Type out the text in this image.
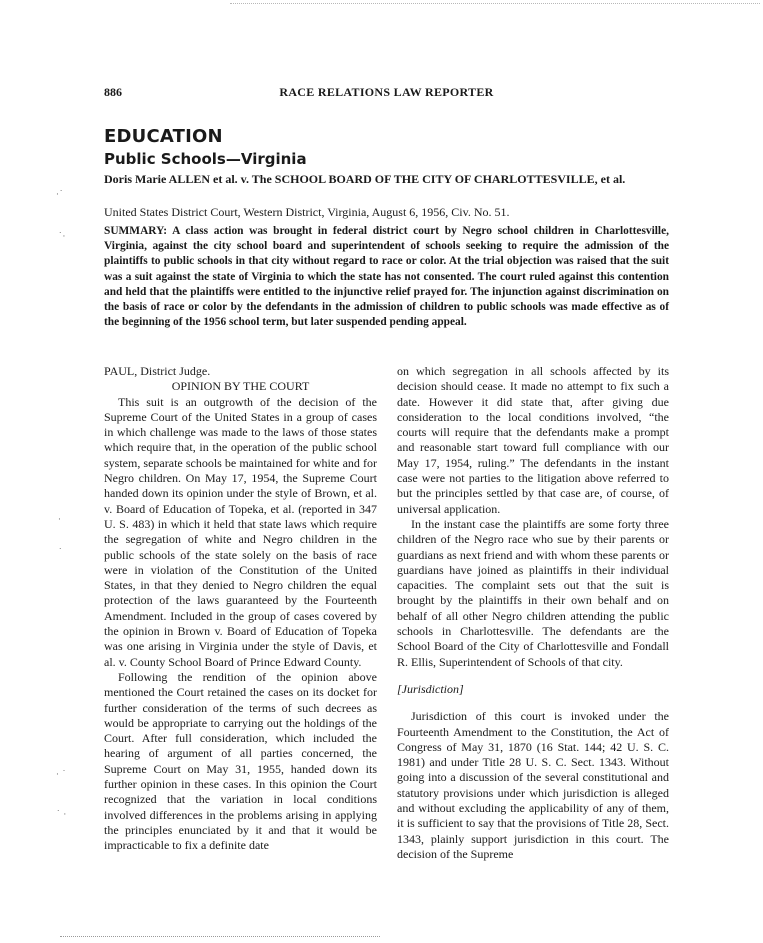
886	RACE RELATIONS LAW REPORTER
EDUCATION
Public Schools—Virginia
Doris Marie ALLEN et al. v. The SCHOOL BOARD OF THE CITY OF CHARLOTTESVILLE, et al.
United States District Court, Western District, Virginia, August 6, 1956, Civ. No. 51.
SUMMARY: A class action was brought in federal district court by Negro school children in Charlottesville, Virginia, against the city school board and superintendent of schools seeking to require the admission of the plaintiffs to public schools in that city without regard to race or color. At the trial objection was raised that the suit was a suit against the state of Virginia to which the state has not consented. The court ruled against this contention and held that the plaintiffs were entitled to the injunctive relief prayed for. The injunction against discrimination on the basis of race or color by the defendants in the admission of children to public schools was made effective as of the beginning of the 1956 school term, but later suspended pending appeal.

PAUL, District Judge.

OPINION BY THE COURT

This suit is an outgrowth of the decision of the Supreme Court of the United States in a group of cases in which challenge was made to the laws of those states which require that, in the operation of the public school system, separate schools be maintained for white and for Negro children. On May 17, 1954, the Supreme Court handed down its opinion under the style of Brown, et al. v. Board of Education of Topeka, et al. (reported in 347 U. S. 483) in which it held that state laws which require the segregation of white and Negro children in the public schools of the state solely on the basis of race were in violation of the Constitution of the United States, in that they denied to Negro children the equal protection of the laws guaranteed by the Fourteenth Amendment. Included in the group of cases covered by the opinion in Brown v. Board of Education of Topeka was one arising in Virginia under the style of Davis, et al. v. County School Board of Prince Edward County.

Following the rendition of the opinion above mentioned the Court retained the cases on its docket for further consideration of the terms of such decrees as would be appropriate to carrying out the holdings of the Court. After full consideration, which included the hearing of argument of all parties concerned, the Supreme Court on May 31, 1955, handed down its further opinion in these cases. In this opinion the Court recognized that the variation in local conditions involved differences in the problems arising in applying the principles enunciated by it and that it would be impracticable to fix a definite date

on which segregation in all schools affected by its decision should cease. It made no attempt to fix such a date. However it did state that, after giving due consideration to the local conditions involved, “the courts will require that the defendants make a prompt and reasonable start toward full compliance with our May 17, 1954, ruling.” The defendants in the instant case were not parties to the litigation above referred to but the principles settled by that case are, of course, of universal application.

In the instant case the plaintiffs are some forty three children of the Negro race who sue by their parents or guardians as next friend and with whom these parents or guardians have joined as plaintiffs in their individual capacities. The complaint sets out that the suit is brought by the plaintiffs in their own behalf and on behalf of all other Negro children attending the public schools in Charlottesville. The defendants are the School Board of the City of Charlottesville and Fondall R. Ellis, Superintendent of Schools of that city.

[Jurisdiction]

Jurisdiction of this court is invoked under the Fourteenth Amendment to the Constitution, the Act of Congress of May 31, 1870 (16 Stat. 144; 42 U. S. C. 1981) and under Title 28 U. S. C. Sect. 1343. Without going into a discussion of the several constitutional and statutory provisions under which jurisdiction is alleged and without excluding the applicability of any of them, it is sufficient to say that the provisions of Title 28, Sect. 1343, plainly support jurisdiction in this court. The decision of the Supreme

·˙
˙·
·
˙
· ˙
˙ ·
